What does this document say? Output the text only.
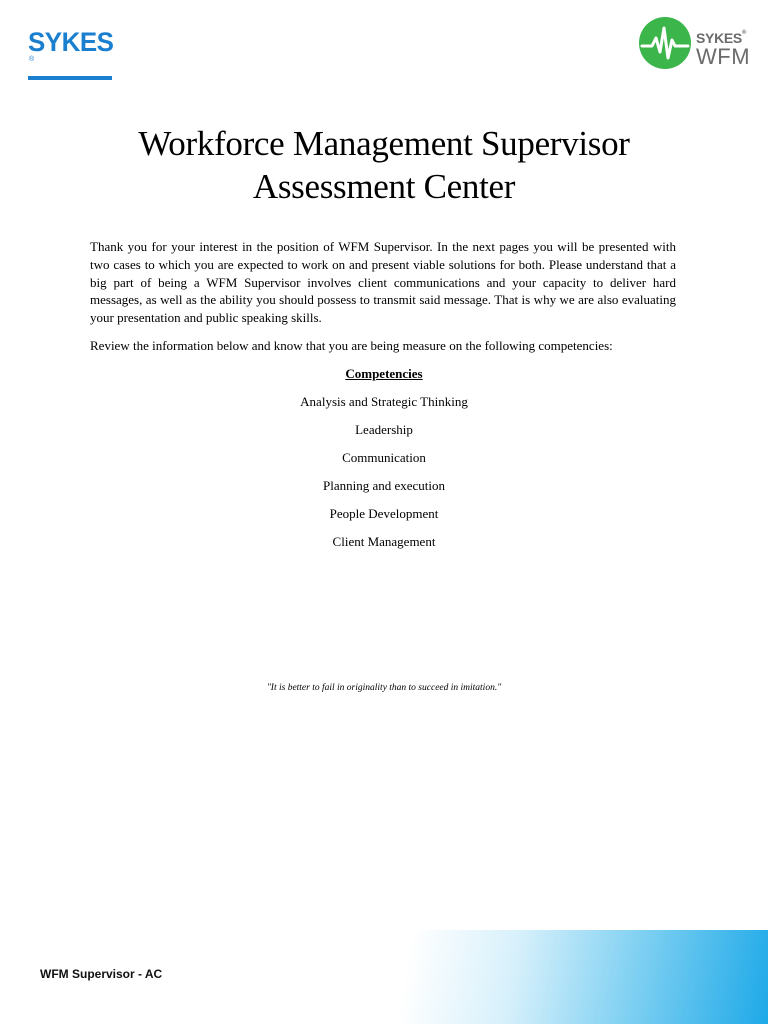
SYKES®
SYKES®
WFM
Workforce Management Supervisor
Assessment Center

Thank you for your interest in the position of WFM Supervisor. In the next pages you will be presented with two cases to which you are expected to work on and present viable solutions for both. Please understand that a big part of being a WFM Supervisor involves client communications and your capacity to deliver hard messages, as well as the ability you should possess to transmit said message. That is why we are also evaluating your presentation and public speaking skills.

Review the information below and know that you are being measure on the following competencies:

Competencies
Analysis and Strategic Thinking
Leadership
Communication
Planning and execution
People Development
Client Management
"It is better to fail in originality than to succeed in imitation."
WFM Supervisor - AC
